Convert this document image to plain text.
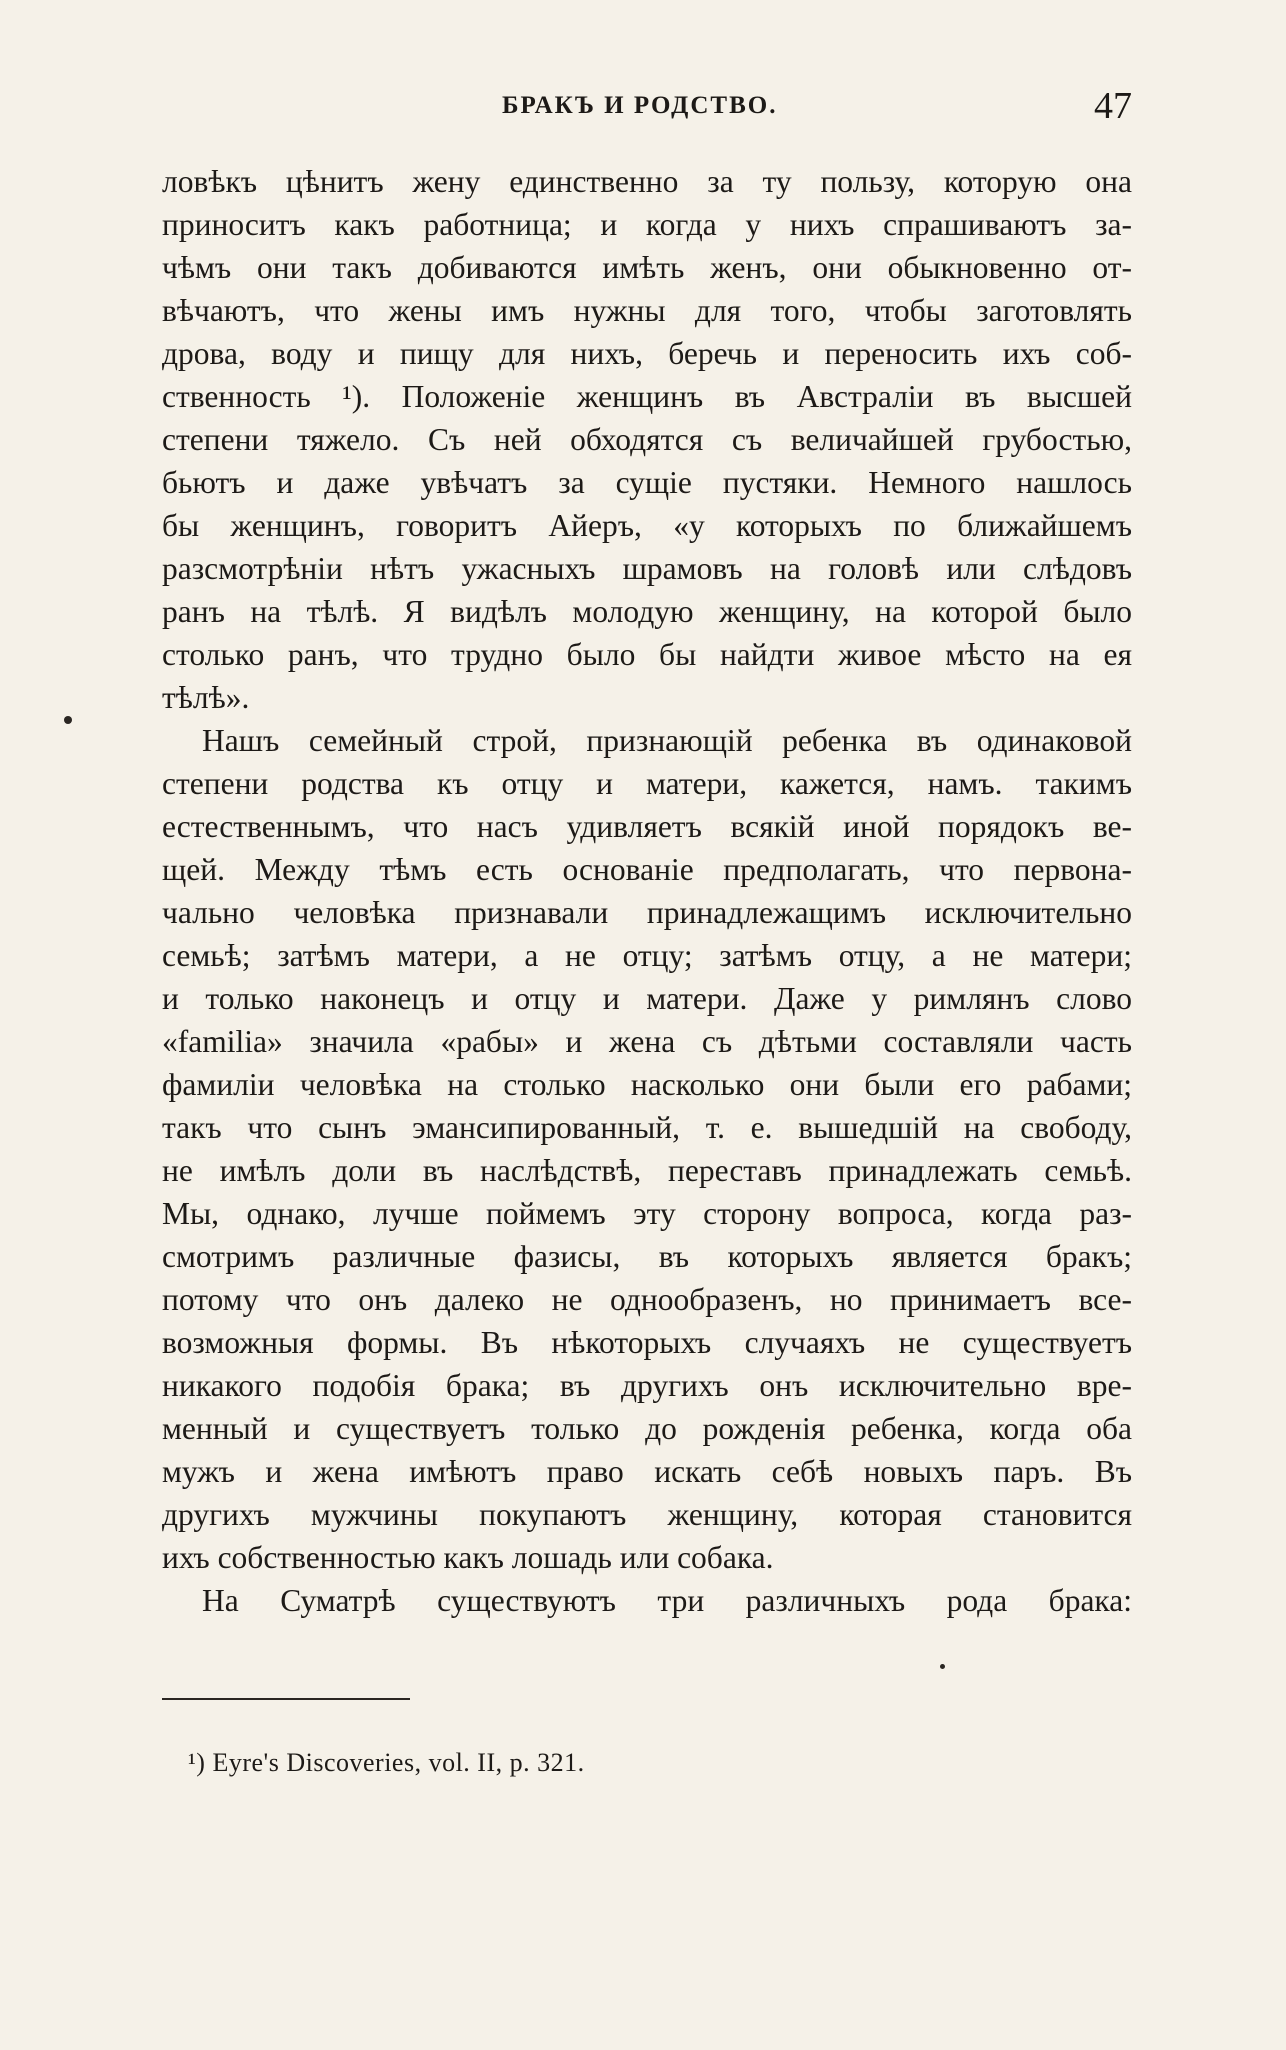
БРАКЪ И РОДСТВО.	47
ловѣкъ цѣнитъ жену единственно за ту пользу, которую она
приноситъ какъ работница; и когда у нихъ спрашиваютъ за-
чѣмъ они такъ добиваются имѣть женъ, они обыкновенно от-
вѣчаютъ, что жены имъ нужны для того, чтобы заготовлять
дрова, воду и пищу для нихъ, беречь и переносить ихъ соб-
ственность ¹). Положеніе женщинъ въ Австраліи въ высшей
степени тяжело. Съ ней обходятся съ величайшей грубостью,
бьютъ и даже увѣчатъ за сущіе пустяки. Немного нашлось
бы женщинъ, говоритъ Айеръ, «у которыхъ по ближайшемъ
разсмотрѣніи нѣтъ ужасныхъ шрамовъ на головѣ или слѣдовъ
ранъ на тѣлѣ. Я видѣлъ молодую женщину, на которой было
столько ранъ, что трудно было бы найдти живое мѣсто на ея
тѣлѣ».
Нашъ семейный строй, признающій ребенка въ одинаковой
степени родства къ отцу и матери, кажется, намъ. такимъ
естественнымъ, что насъ удивляетъ всякій иной порядокъ ве-
щей. Между тѣмъ есть основаніе предполагать, что первона-
чально человѣка признавали принадлежащимъ исключительно
семьѣ; затѣмъ матери, а не отцу; затѣмъ отцу, а не матери;
и только наконецъ и отцу и матери. Даже у римлянъ слово
«familia» значила «рабы» и жена съ дѣтьми составляли часть
фамиліи человѣка на столько насколько они были его рабами;
такъ что сынъ эмансипированный, т. е. вышедшій на свободу,
не имѣлъ доли въ наслѣдствѣ, переставъ принадлежать семьѣ.
Мы, однако, лучше поймемъ эту сторону вопроса, когда раз-
смотримъ различные фазисы, въ которыхъ является бракъ;
потому что онъ далеко не однообразенъ, но принимаетъ все-
возможныя формы. Въ нѣкоторыхъ случаяхъ не существуетъ
никакого подобія брака; въ другихъ онъ исключительно вре-
менный и существуетъ только до рожденія ребенка, когда оба
мужъ и жена имѣютъ право искать себѣ новыхъ паръ. Въ
другихъ мужчины покупаютъ женщину, которая становится
ихъ собственностью какъ лошадь или собака.
На Суматрѣ существуютъ три различныхъ рода брака:
¹) Eyre's Discoveries, vol. II, p. 321.
